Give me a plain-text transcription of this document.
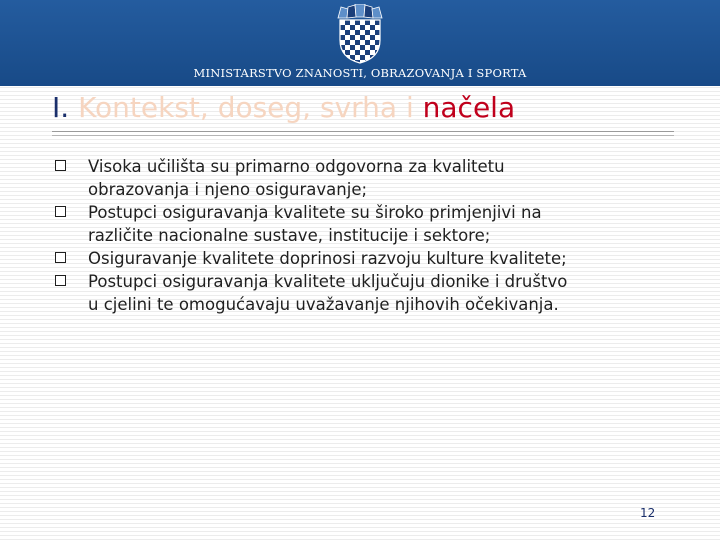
MINISTARSTVO ZNANOSTI, OBRAZOVANJA I SPORTA
I. Kontekst, doseg, svrha i načela
Visoka učilišta su primarno odgovorna za kvalitetu
obrazovanja i njeno osiguravanje;
Postupci osiguravanja kvalitete su široko primjenjivi na
različite nacionalne sustave, institucije i sektore;
Osiguravanje kvalitete doprinosi razvoju kulture kvalitete;
Postupci osiguravanja kvalitete uključuju dionike i društvo
u cjelini te omogućavaju uvažavanje njihovih očekivanja.
12
